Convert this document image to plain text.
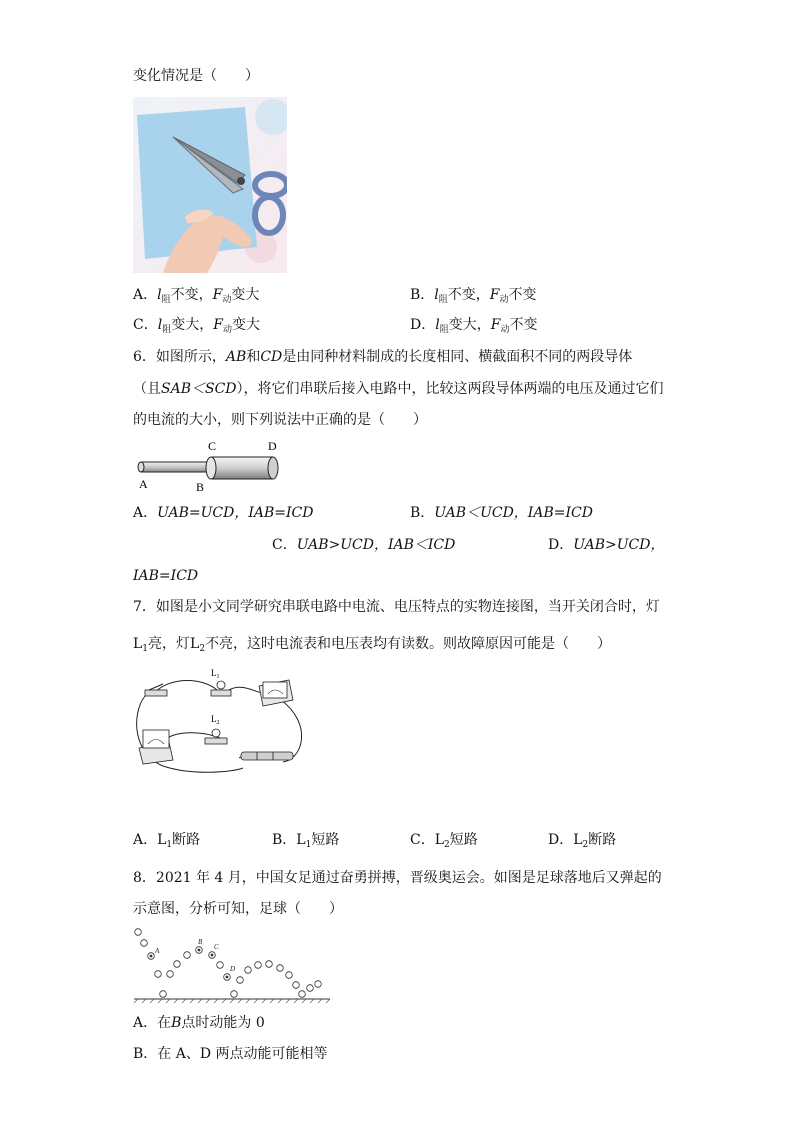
变化情况是（　　）
A．$l_阻$不变，$F_动$变大	B．$l_阻$不变，$F_动$不变
C．$l_阻$变大，$F_动$变大	D．$l_阻$变大，$F_动$不变
6．如图所示，AB和CD是由同种材料制成的长度相同、横截面积不同的两段导体
（且SAB＜SCD），将它们串联后接入电路中，比较这两段导体两端的电压及通过它们
的电流的大小，则下列说法中正确的是（　　）
A	B
C	D
A．UAB=UCD，IAB=ICD	B．UAB＜UCD，IAB=ICD
C．UAB>UCD，IAB＜ICD	D．UAB>UCD，
IAB=ICD
7．如图是小文同学研究串联电路中电流、电压特点的实物连接图，当开关闭合时，灯
$L_1$亮，灯$L_2$不亮，这时电流表和电压表均有读数。则故障原因可能是（　　）
$L_1$
$L_2$
A．$L_1$断路	B．$L_1$短路	C．$L_2$短路	D．$L_2$断路
8．2021 年 4 月，中国女足通过奋勇拼搏，晋级奥运会。如图是足球落地后又弹起的
示意图，分析可知，足球（　　）
A
B
C
D
A．在B点时动能为 0
B．在 A、D 两点动能可能相等
